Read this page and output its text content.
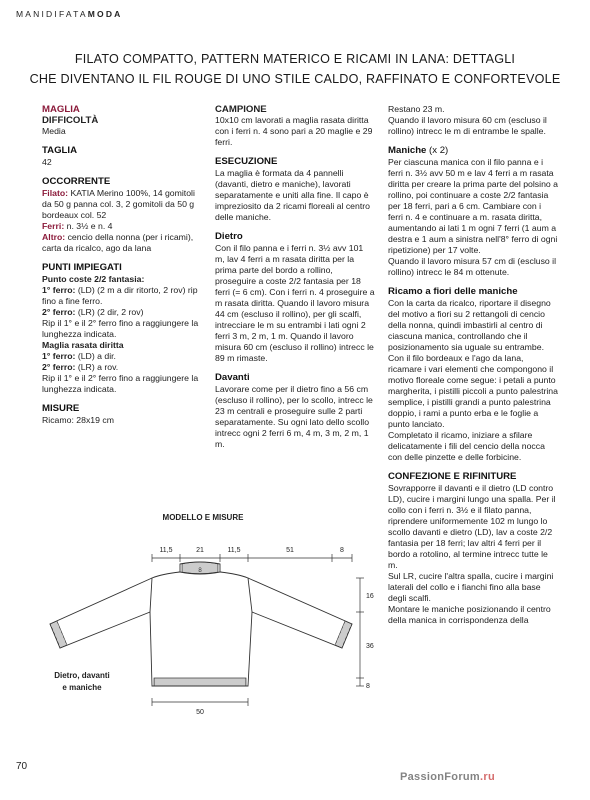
MANIDIFATAMODA
FILATO COMPATTO, PATTERN MATERICO E RICAMI IN LANA: DETTAGLI
CHE DIVENTANO IL FIL ROUGE DI UNO STILE CALDO, RAFFINATO E CONFORTEVOLE

MAGLIA

DIFFICOLTÀ

Media

TAGLIA

42

OCCORRENTE

Filato: KATIA Merino 100%, 14 gomitoli da 50 g panna col. 3, 2 gomitoli da 50 g bordeaux col. 52

Ferri: n. 3½ e n. 4

Altro: cencio della nonna (per i ricami), carta da ricalco, ago da lana

PUNTI IMPIEGATI

Punto coste 2/2 fantasia:

1° ferro: (LD) (2 m a dir ritorto, 2 rov) rip fino a fine ferro.

2° ferro: (LR) (2 dir, 2 rov)

Rip il 1° e il 2° ferro fino a raggiungere la lunghezza indicata.

Maglia rasata diritta

1° ferro: (LD) a dir.

2° ferro: (LR) a rov.

Rip il 1° e il 2° ferro fino a raggiungere la lunghezza indicata.

MISURE

Ricamo: 28x19 cm

CAMPIONE

10x10 cm lavorati a maglia rasata diritta con i ferri n. 4 sono pari a 20 maglie e 29 ferri.

ESECUZIONE

La maglia è formata da 4 pannelli (davanti, dietro e maniche), lavorati separatamente e uniti alla fine. Il capo è impreziosito da 2 ricami floreali al centro delle maniche.

Dietro

Con il filo panna e i ferri n. 3½ avv 101 m, lav 4 ferri a m rasata diritta per la prima parte del bordo a rollino, proseguire a coste 2/2 fantasia per 18 ferri (= 6 cm). Con i ferri n. 4 proseguire a m rasata diritta. Quando il lavoro misura 44 cm (escluso il rollino), per gli scalfi, intrecciare le m su entrambi i lati ogni 2 ferri 3 m, 2 m, 1 m. Quando il lavoro misura 60 cm (escluso il rollino) intrecc le 89 m rimaste.

Davanti

Lavorare come per il dietro fino a 56 cm (escluso il rollino), per lo scollo, intrecc le 23 m centrali e proseguire sulle 2 parti separatamente. Su ogni lato dello scollo intrecc ogni 2 ferri 6 m, 4 m, 3 m, 2 m, 1 m.

Restano 23 m.

Quando il lavoro misura 60 cm (escluso il rollino) intrecc le m di entrambe le spalle.

Maniche (x 2)

Per ciascuna manica con il filo panna e i ferri n. 3½ avv 50 m e lav 4 ferri a m rasata diritta per creare la prima parte del polsino a rollino, poi continuare a coste 2/2 fantasia per 18 ferri, pari a 6 cm. Cambiare con i ferri n. 4 e continuare a m. rasata diritta, aumentando ai lati 1 m ogni 7 ferri (1 aum a destra e 1 aum a sinistra nell'8° ferro di ogni ripetizione) per 17 volte.

Quando il lavoro misura 57 cm di (escluso il rollino) intrecc le 84 m ottenute.

Ricamo a fiori delle maniche

Con la carta da ricalco, riportare il disegno del motivo a fiori su 2 rettangoli di cencio della nonna, quindi imbastirli al centro di ciascuna manica, controllando che il posizionamento sia uguale su entrambe.

Con il filo bordeaux e l'ago da lana, ricamare i vari elementi che compongono il motivo floreale come segue: i petali a punto margherita, i pistilli piccoli a punto palestrina semplice, i pistilli grandi a punto palestrina doppio, i rami a punto erba e le foglie a punto lanciato.

Completato il ricamo, iniziare a sfilare delicatamente i fili del cencio della nocca con delle pinzette e delle forbicine.

CONFEZIONE E RIFINITURE

Sovrapporre il davanti e il dietro (LD contro LD), cucire i margini lungo una spalla. Per il collo con i ferri n. 3½ e il filato panna, riprendere uniformemente 102 m lungo lo scollo davanti e dietro (LD), lav a coste 2/2 fantasia per 18 ferri; lav altri 4 ferri per il bordo a rotolino, al termine intrecc tutte le m.

Sul LR, cucire l'altra spalla, cucire i margini laterali del collo e i fianchi fino alla base degli scalfi.

Montare le maniche posizionando il centro della manica in corrispondenza della

MODELLO E MISURE
11,5	21	11,5	51	8
8
16
36
8
50
Dietro, davanti
e maniche
70
PassionForum.ru
